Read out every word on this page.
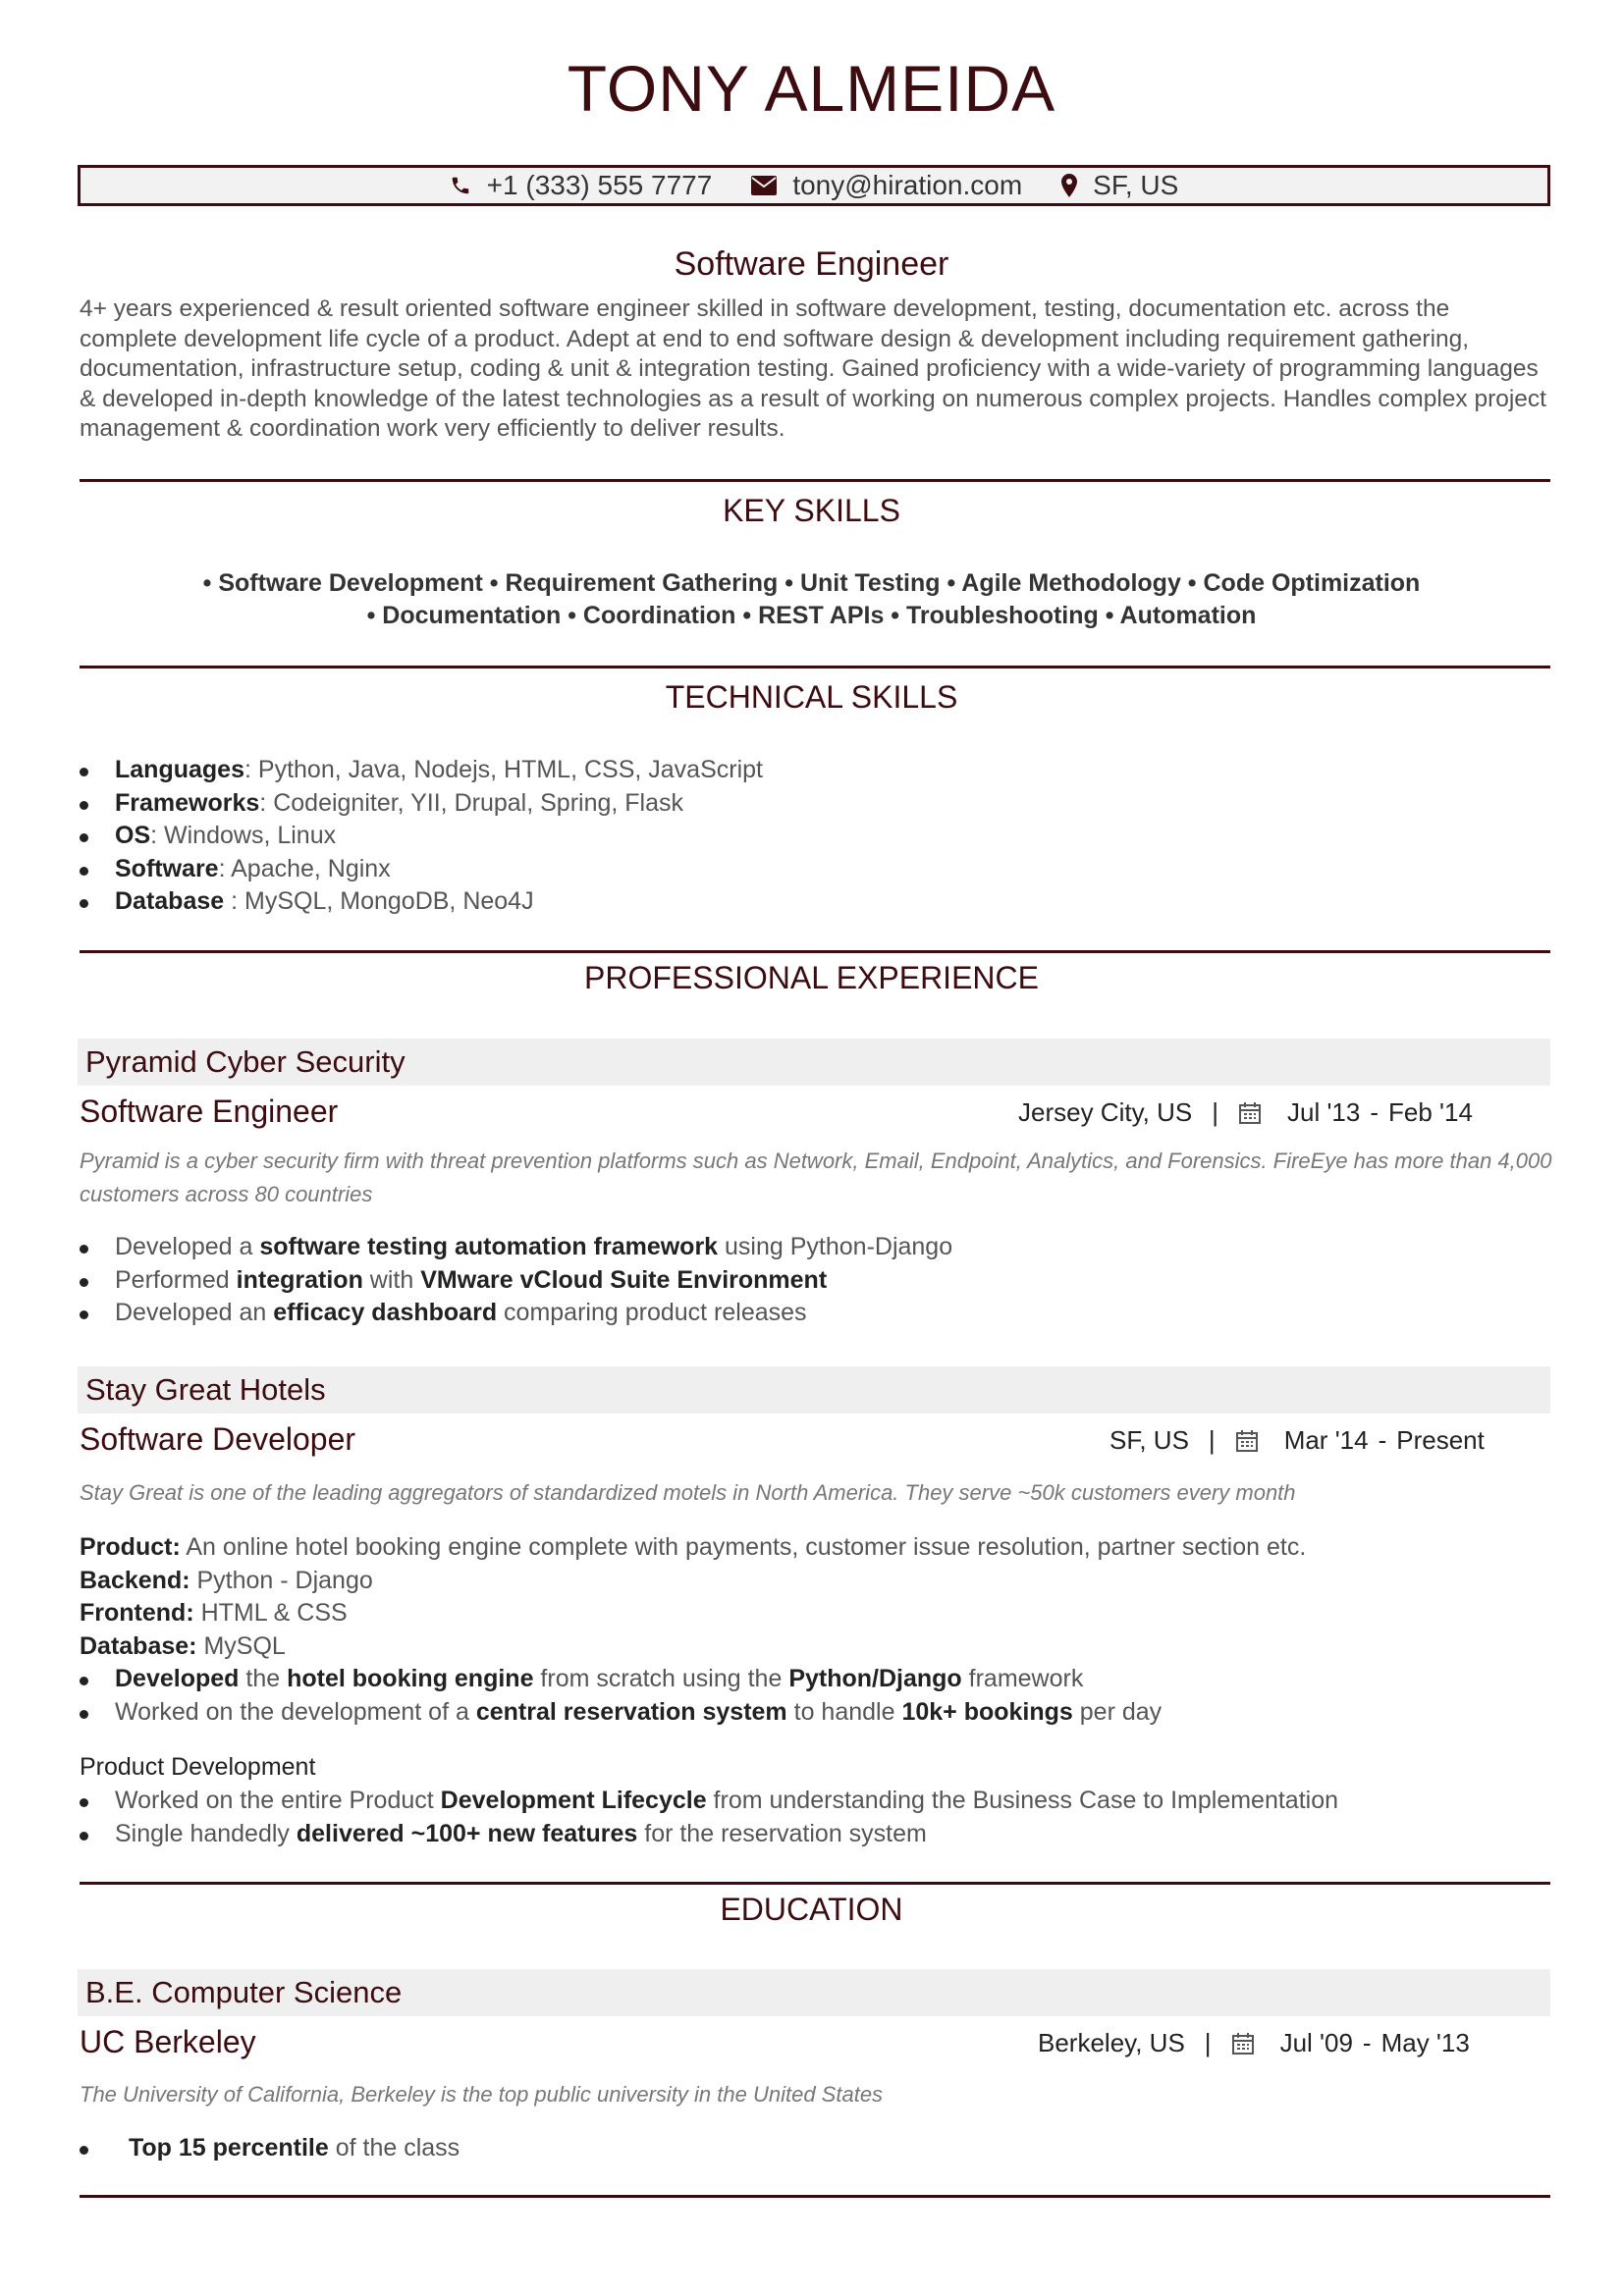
TONY ALMEIDA
+1 (333) 555 7777	tony@hiration.com	SF, US
Software Engineer
4+ years experienced & result oriented software engineer skilled in software development, testing, documentation etc. across the complete development life cycle of a product. Adept at end to end software design & development including requirement gathering, documentation, infrastructure setup, coding & unit & integration testing. Gained proficiency with a wide-variety of programming languages & developed in-depth knowledge of the latest technologies as a result of working on numerous complex projects. Handles complex project management & coordination work very efficiently to deliver results.
KEY SKILLS
• Software Development • Requirement Gathering • Unit Testing • Agile Methodology • Code Optimization
• Documentation • Coordination • REST APIs • Troubleshooting • Automation
TECHNICAL SKILLS
Languages: Python, Java, Nodejs, HTML, CSS, JavaScript
Frameworks: Codeigniter, YII, Drupal, Spring, Flask
OS: Windows, Linux
Software: Apache, Nginx
Database : MySQL, MongoDB, Neo4J
PROFESSIONAL EXPERIENCE
Pyramid Cyber Security
Software Engineer	Jersey City, US |	Jul '13 - Feb '14
Pyramid is a cyber security firm with threat prevention platforms such as Network, Email, Endpoint, Analytics, and Forensics. FireEye has more than 4,000 customers across 80 countries
Developed a software testing automation framework using Python-Django
Performed integration with VMware vCloud Suite Environment
Developed an efficacy dashboard comparing product releases
Stay Great Hotels
Software Developer	SF, US |	Mar '14 - Present
Stay Great is one of the leading aggregators of standardized motels in North America. They serve ~50k customers every month
Product: An online hotel booking engine complete with payments, customer issue resolution, partner section etc.
Backend: Python - Django
Frontend: HTML & CSS
Database: MySQL
Developed the hotel booking engine from scratch using the Python/Django framework
Worked on the development of a central reservation system to handle 10k+ bookings per day
Product Development
Worked on the entire Product Development Lifecycle from understanding the Business Case to Implementation
Single handedly delivered ~100+ new features for the reservation system
EDUCATION
B.E. Computer Science
UC Berkeley	Berkeley, US |	Jul '09 - May '13
The University of California, Berkeley is the top public university in the United States
Top 15 percentile of the class
